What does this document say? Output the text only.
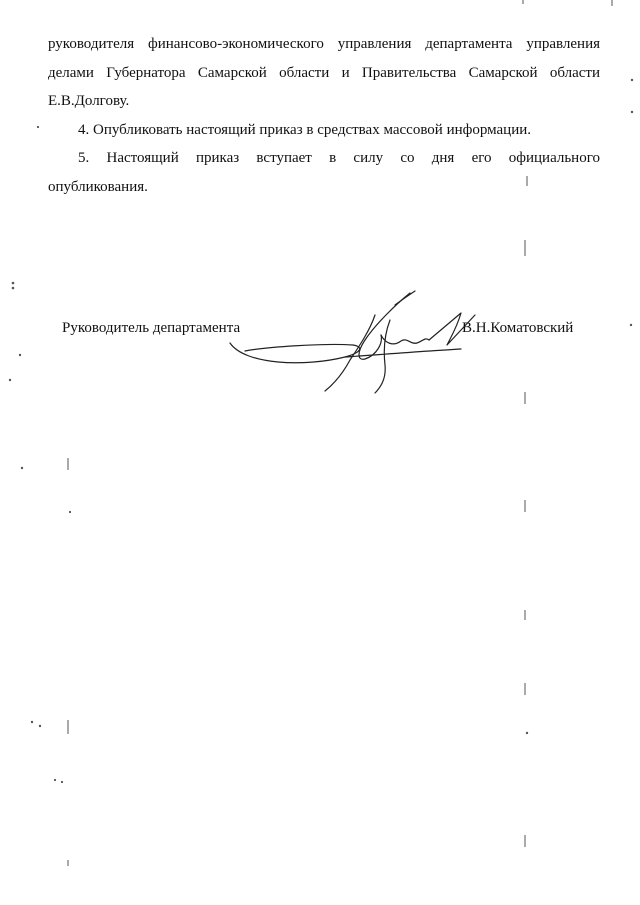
руководителя финансово-экономического управления департамента управления
делами Губернатора Самарской области и Правительства Самарской области
Е.В.Долгову.
4. Опубликовать настоящий приказ в средствах массовой информации.
5. Настоящий приказ вступает в силу со дня его официального
опубликования.
Руководитель департамента	В.Н.Коматовский
